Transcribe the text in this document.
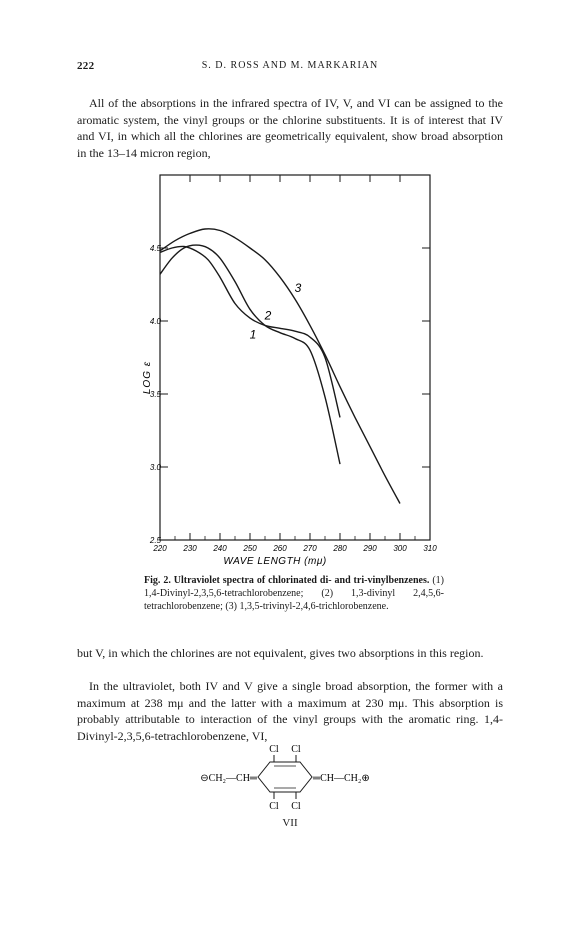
222	S. D. ROSS AND M. MARKARIAN

All of the absorptions in the infrared spectra of IV, V, and VI can be assigned to the aromatic system, the vinyl groups or the chlorine substituents. It is of interest that IV and VI, in which all the chlorines are geometrically equivalent, show broad absorption in the 13–14 micron region,

220 230 240 250 260 270 280 290 300 310
2.5
3.0
3.5
4.0
4.5
WAVE LENGTH (mμ)
LOG ε
1
2
3
Fig. 2. Ultraviolet spectra of chlorinated di- and tri-vinylbenzenes. (1) 1,4-Divinyl-2,3,5,6-tetrachlorobenzene; (2) 1,3-divinyl 2,4,5,6-tetrachlorobenzene; (3) 1,3,5-trivinyl-2,4,6-trichlorobenzene.

but V, in which the chlorines are not equivalent, gives two absorptions in this region.

In the ultraviolet, both IV and V give a single broad absorption, the former with a maximum at 238 mμ and the latter with a maximum at 230 mμ. This absorption is probably attributable to interaction of the vinyl groups with the aromatic ring. 1,4-Divinyl-2,3,5,6-tetrachlorobenzene, VI,

Cl Cl
Cl Cl
⊖CH₂—CH═	═CH—CH₂⊕
VII
